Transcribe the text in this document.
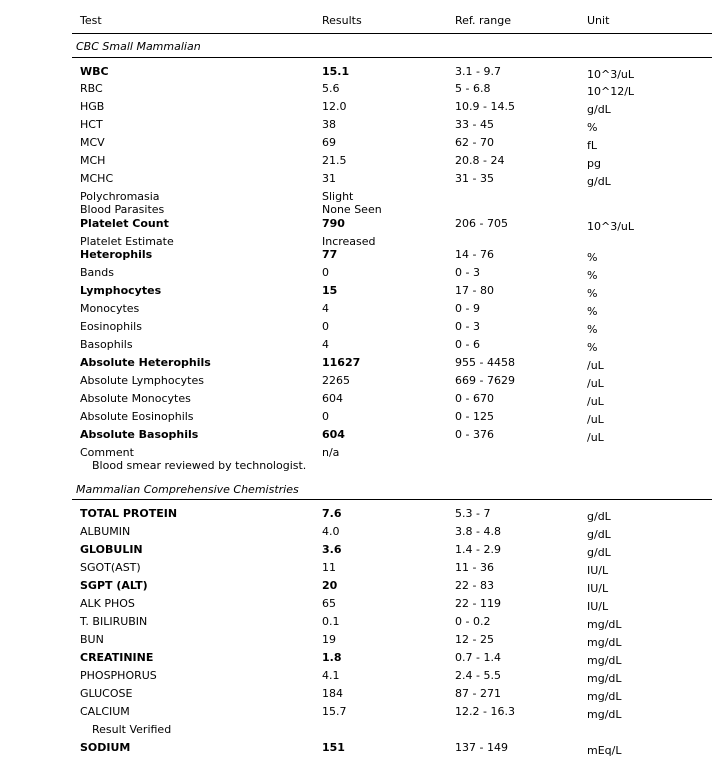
Test	Results	Ref. range	Unit
CBC Small Mammalian
WBC	15.1	3.1 - 9.7	10^3/uL
RBC	5.6	5 - 6.8	10^12/L
HGB	12.0	10.9 - 14.5	g/dL
HCT	38	33 - 45	%
MCV	69	62 - 70	fL
MCH	21.5	20.8 - 24	pg
MCHC	31	31 - 35	g/dL
Polychromasia	Slight
Blood Parasites	None Seen
Platelet Count	790	206 - 705	10^3/uL
Platelet Estimate	Increased
Heterophils	77	14 - 76	%
Bands	0	0 - 3	%
Lymphocytes	15	17 - 80	%
Monocytes	4	0 - 9	%
Eosinophils	0	0 - 3	%
Basophils	4	0 - 6	%
Absolute Heterophils	11627	955 - 4458	/uL
Absolute Lymphocytes	2265	669 - 7629	/uL
Absolute Monocytes	604	0 - 670	/uL
Absolute Eosinophils	0	0 - 125	/uL
Absolute Basophils	604	0 - 376	/uL
Comment	n/a
Blood smear reviewed by technologist.
Mammalian Comprehensive Chemistries
TOTAL PROTEIN	7.6	5.3 - 7	g/dL
ALBUMIN	4.0	3.8 - 4.8	g/dL
GLOBULIN	3.6	1.4 - 2.9	g/dL
SGOT(AST)	11	11 - 36	IU/L
SGPT (ALT)	20	22 - 83	IU/L
ALK PHOS	65	22 - 119	IU/L
T. BILIRUBIN	0.1	0 - 0.2	mg/dL
BUN	19	12 - 25	mg/dL
CREATININE	1.8	0.7 - 1.4	mg/dL
PHOSPHORUS	4.1	2.4 - 5.5	mg/dL
GLUCOSE	184	87 - 271	mg/dL
CALCIUM	15.7	12.2 - 16.3	mg/dL
SODIUM	151	137 - 149	mEq/L
Result Verified
